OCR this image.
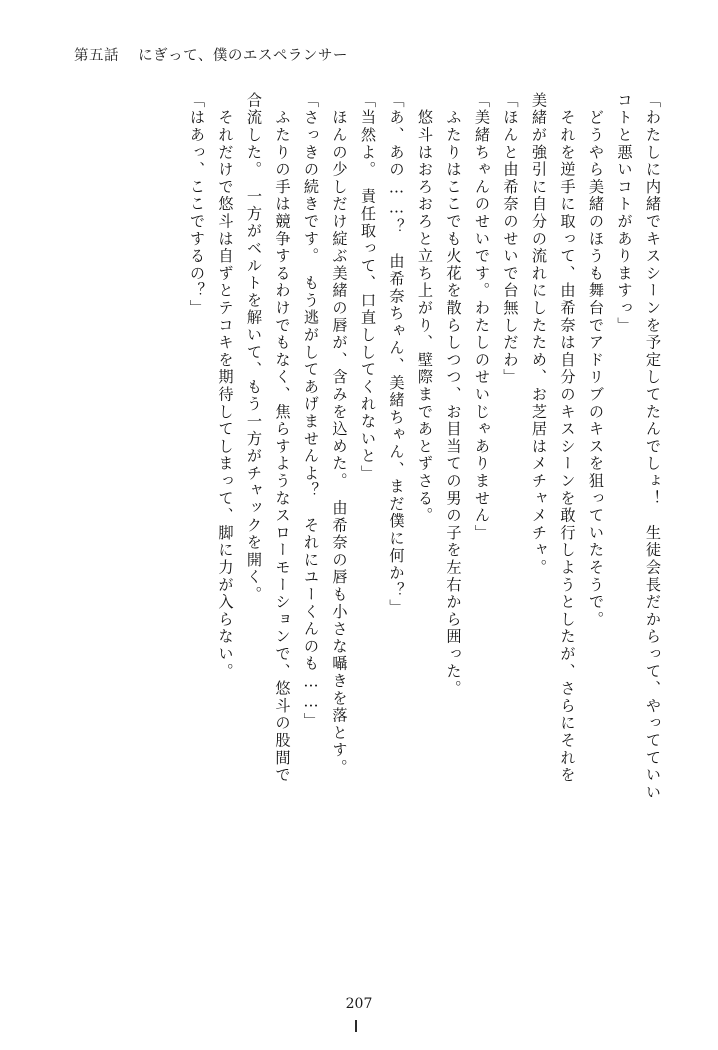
第五話 にぎって、僕のエスペランサー
「わたしに内緒でキスシーンを予定してたんでしょ！　生徒会長だからって、やってていい
コトと悪いコトがありますっ」
　どうやら美緒のほうも舞台でアドリブのキスを狙っていたそうで。
　それを逆手に取って、由希奈は自分のキスシーンを敢行しようとしたが、さらにそれを
美緒が強引に自分の流れにしたため、お芝居はメチャメチャ。
「ほんと由希奈のせいで台無しだわ」
「美緒ちゃんのせいです。わたしのせいじゃありません」
　ふたりはここでも火花を散らしつつ、お目当ての男の子を左右から囲った。
　悠斗はおろおろと立ち上がり、壁際まであとずさる。
「あ、あの……？　由希奈ちゃん、美緒ちゃん、まだ僕に何か？」
「当然よ。　責任取って、口直ししてくれないと」
　ほんの少しだけ綻ぶ美緒の唇が、含みを込めた。　由希奈の唇も小さな囁きを落とす。
「さっきの続きです。　もう逃がしてあげませんよ？　それにユーくんのも……」
　ふたりの手は競争するわけでもなく、焦らすようなスローモーションで、悠斗の股間で
合流した。　一方がベルトを解いて、もう一方がチャックを開く。
　それだけで悠斗は自ずとテコキを期待してしまって、脚に力が入らない。
「はあっ、ここでするの？」
207
